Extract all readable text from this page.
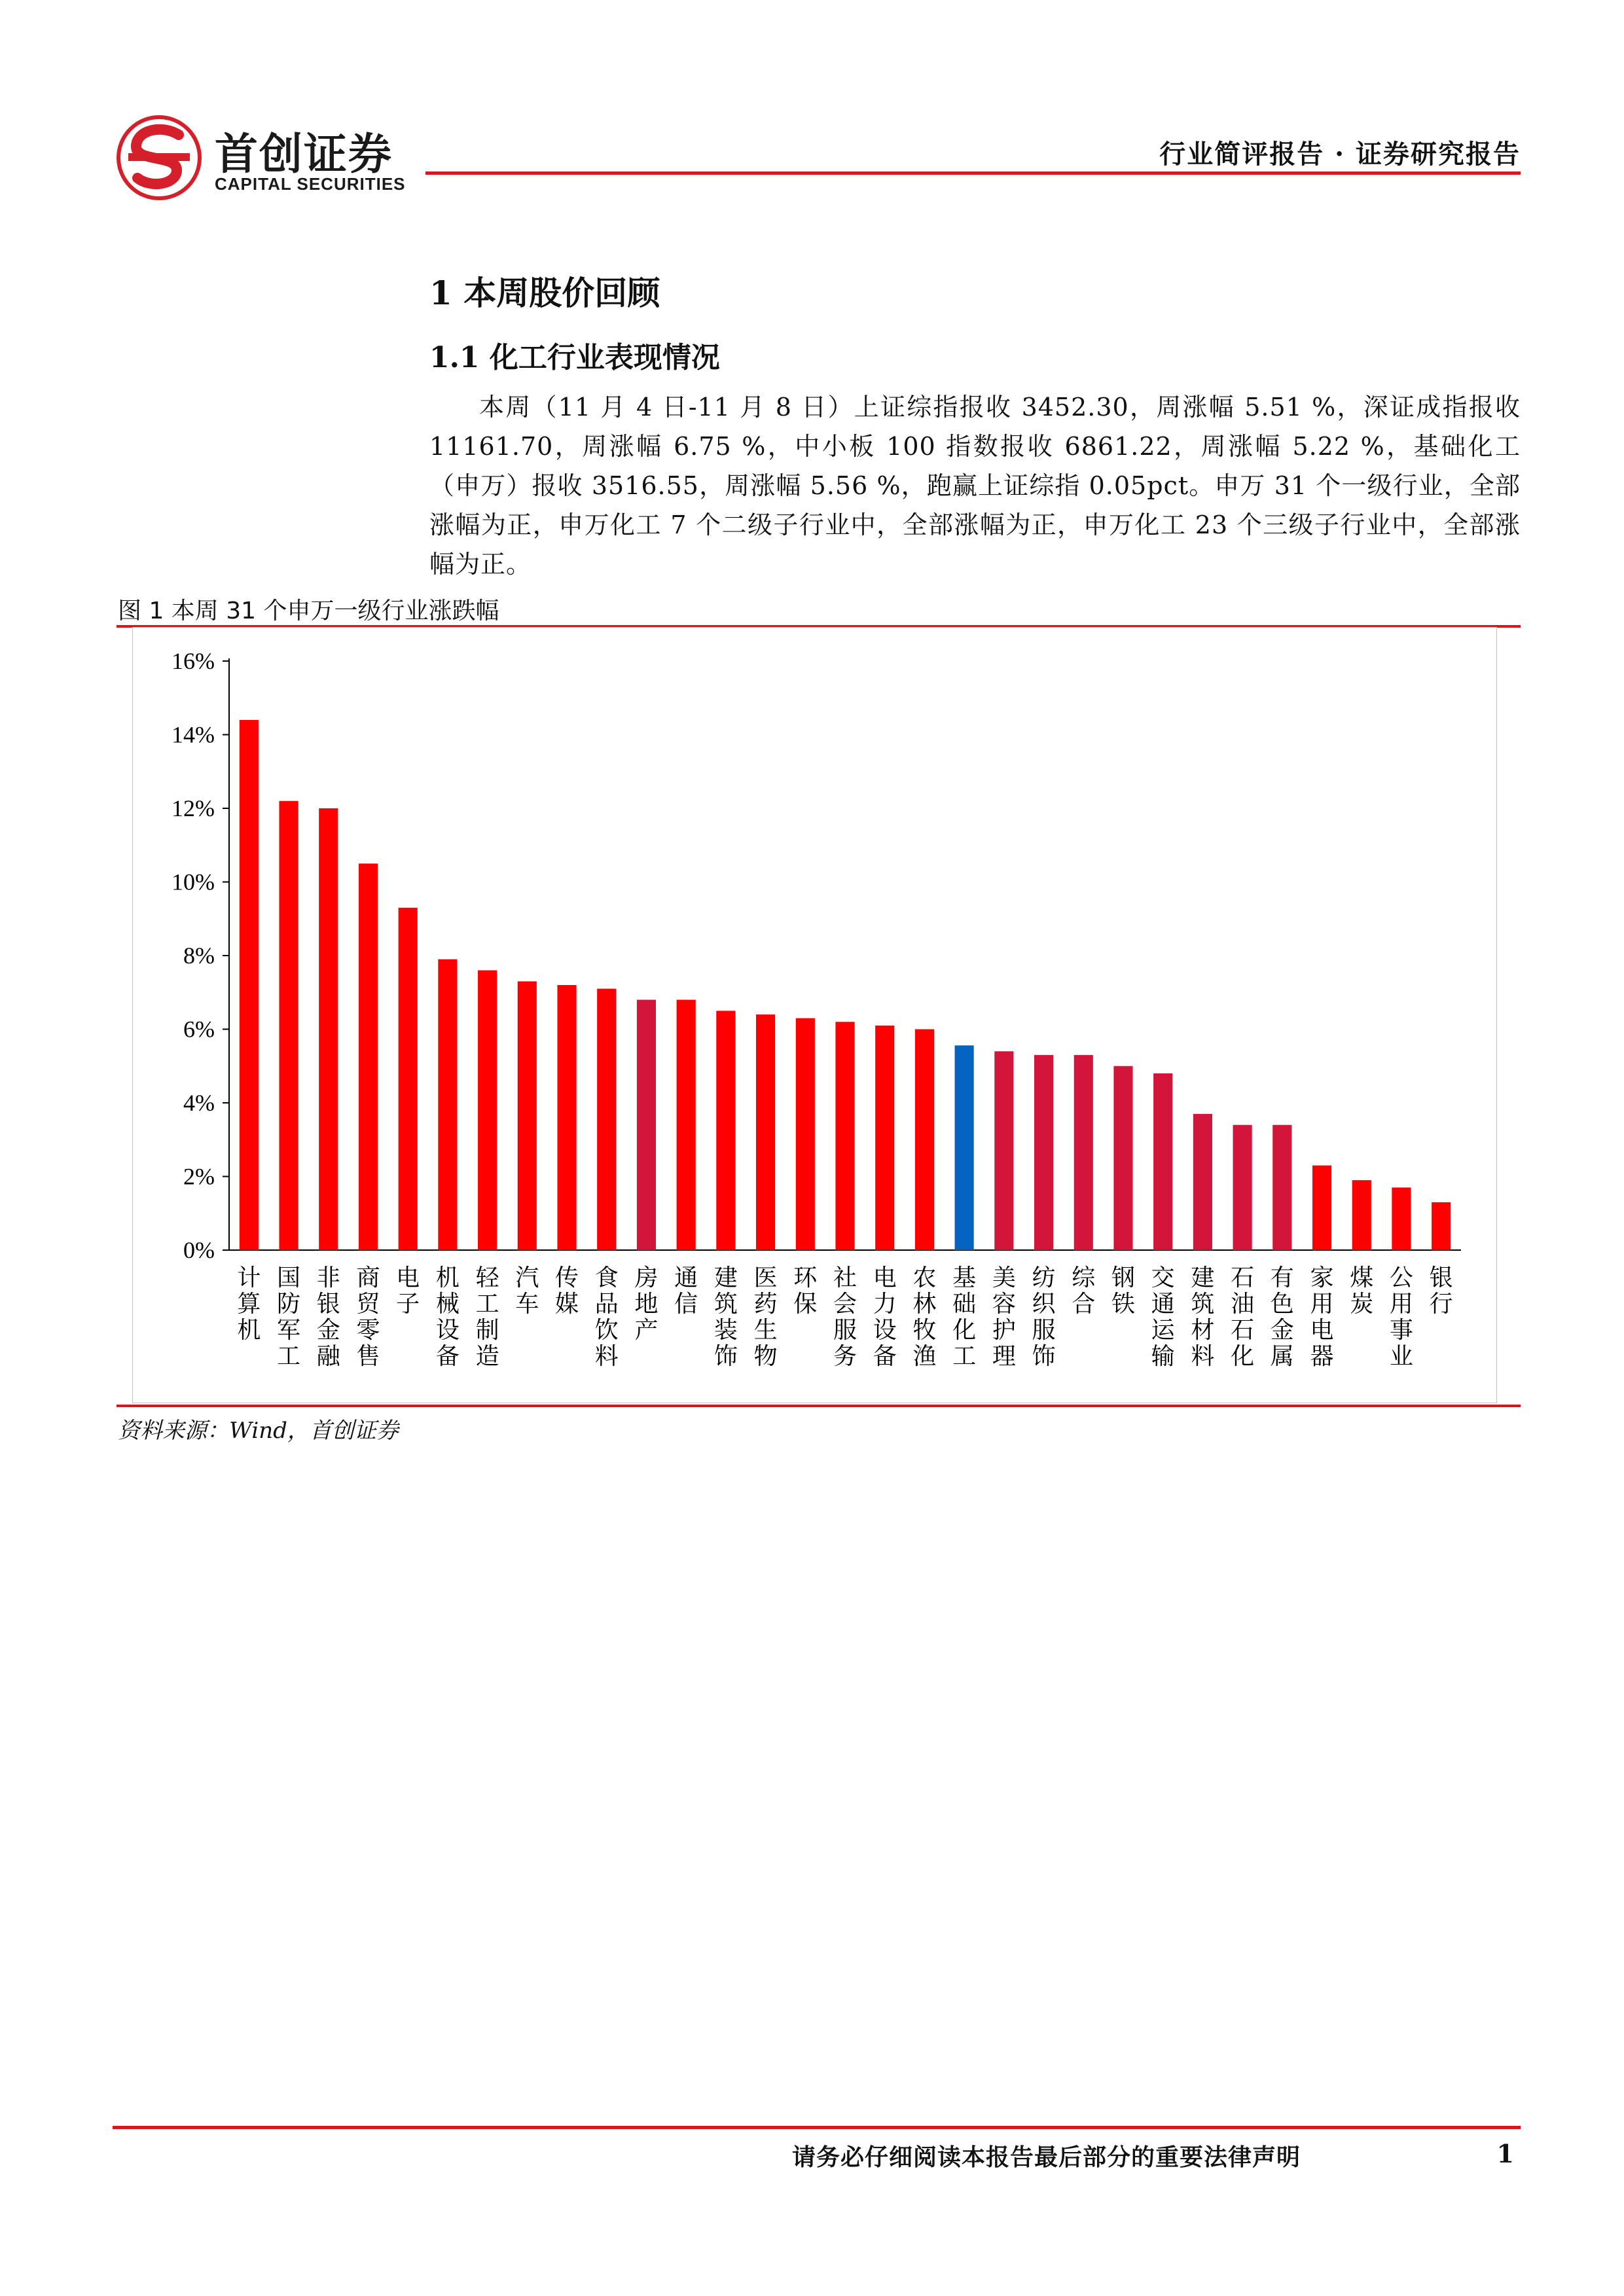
首创证券
CAPITAL SECURITIES
行业简评报告 · 证券研究报告
1 本周股价回顾
1.1 化工行业表现情况
本周（11 月 4 日-11 月 8 日）上证综指报收 3452.30，周涨幅 5.51 %，深证成指报收 11161.70，周涨幅 6.75 %，中小板 100 指数报收 6861.22，周涨幅 5.22 %，基础化工（申万）报收 3516.55，周涨幅 5.56 %，跑赢上证综指 0.05pct。申万 31 个一级行业，全部涨幅为正，申万化工 7 个二级子行业中，全部涨幅为正，申万化工 23 个三级子行业中，全部涨幅为正。
图 1 本周 31 个申万一级行业涨跌幅
0%
2%
4%
6%
8%
10%
12%
14%
16%
计算机
国防军工
非银金融
商贸零售
电子
机械设备
轻工制造
汽车
传媒
食品饮料
房地产
通信
建筑装饰
医药生物
环保
社会服务
电力设备
农林牧渔
基础化工
美容护理
纺织服饰
综合
钢铁
交通运输
建筑材料
石油石化
有色金属
家用电器
煤炭
公用事业
银行
资料来源：Wind，首创证券
请务必仔细阅读本报告最后部分的重要法律声明	1
